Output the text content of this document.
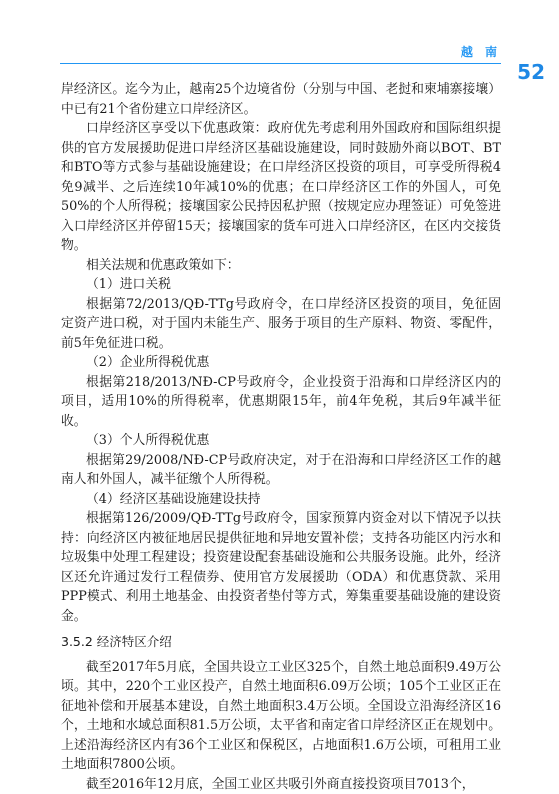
越 南
52

岸经济区。迄今为止，越南25个边境省份（分别与中国、老挝和柬埔寨接壤）中已有21个省份建立口岸经济区。

口岸经济区享受以下优惠政策：政府优先考虑利用外国政府和国际组织提供的官方发展援助促进口岸经济区基础设施建设，同时鼓励外商以BOT、BT和BTO等方式参与基础设施建设；在口岸经济区投资的项目，可享受所得税4免9减半、之后连续10年减10%的优惠；在口岸经济区工作的外国人，可免50%的个人所得税；接壤国家公民持因私护照（按规定应办理签证）可免签进入口岸经济区并停留15天；接壤国家的货车可进入口岸经济区，在区内交接货物。

相关法规和优惠政策如下：

（1）进口关税

根据第72/2013/QĐ-TTg号政府令，在口岸经济区投资的项目，免征固定资产进口税，对于国内未能生产、服务于项目的生产原料、物资、零配件，前5年免征进口税。

（2）企业所得税优惠

根据第218/2013/NĐ-CP号政府令，企业投资于沿海和口岸经济区内的项目，适用10%的所得税率，优惠期限15年，前4年免税，其后9年减半征收。

（3）个人所得税优惠

根据第29/2008/NĐ-CP号政府决定，对于在沿海和口岸经济区工作的越南人和外国人，减半征缴个人所得税。

（4）经济区基础设施建设扶持

根据第126/2009/QĐ-TTg号政府令，国家预算内资金对以下情况予以扶持：向经济区内被征地居民提供征地和异地安置补偿；支持各功能区内污水和垃圾集中处理工程建设；投资建设配套基础设施和公共服务设施。此外，经济区还允许通过发行工程债券、使用官方发展援助（ODA）和优惠贷款、采用PPP模式、利用土地基金、由投资者垫付等方式，筹集重要基础设施的建设资金。

3.5.2 经济特区介绍

截至2017年5月底，全国共设立工业区325个，自然土地总面积9.49万公顷。其中，220个工业区投产，自然土地面积6.09万公顷；105个工业区正在征地补偿和开展基本建设，自然土地面积3.4万公顷。全国设立沿海经济区16个，土地和水域总面积81.5万公顷，太平省和南定省口岸经济区正在规划中。上述沿海经济区内有36个工业区和保税区，占地面积1.6万公顷，可租用工业土地面积7800公顷。

截至2016年12月底，全国工业区共吸引外商直接投资项目7013个，
